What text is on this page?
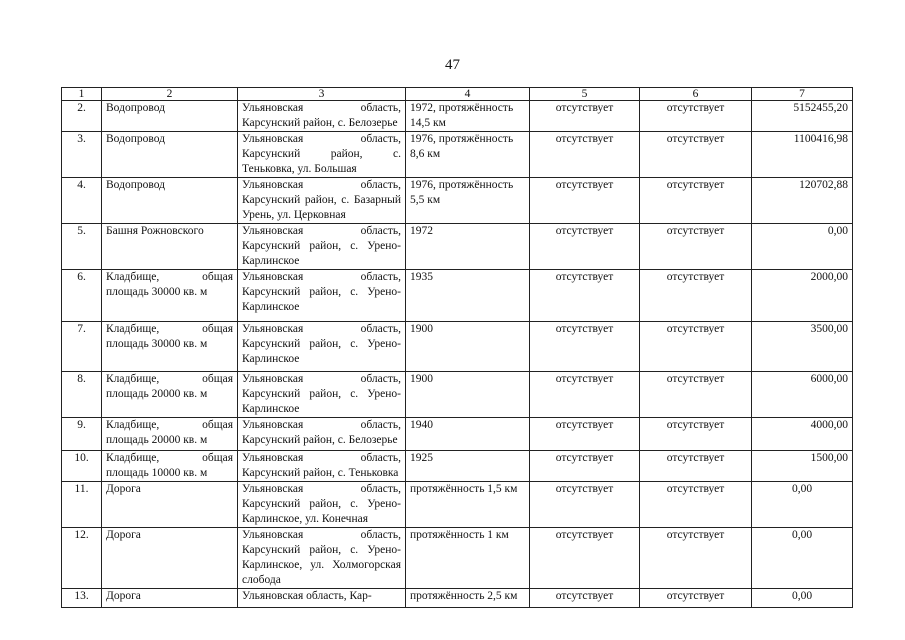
47
1	2	3	4	5	6	7
2.	Водопровод	Ульяновская область, Карсунский район, с. Белозерье	1972, протяжённость 14,5 км	отсутствует	отсутствует	5152455,20
3.	Водопровод	Ульяновская область, Карсунский район, с. Теньковка, ул. Большая	1976, протяжённость 8,6 км	отсутствует	отсутствует	1100416,98
4.	Водопровод	Ульяновская область, Карсунский район, с. Базарный Урень, ул. Церковная	1976, протяжённость 5,5 км	отсутствует	отсутствует	120702,88
5.	Башня Рожновского	Ульяновская область, Карсунский район, с. Урено-Карлинское	1972	отсутствует	отсутствует	0,00
6.	Кладбище, общая площадь 30000 кв. м	Ульяновская область, Карсунский район, с. Урено-Карлинское	1935	отсутствует	отсутствует	2000,00
7.	Кладбище, общая площадь 30000 кв. м	Ульяновская область, Карсунский район, с. Урено-Карлинское	1900	отсутствует	отсутствует	3500,00
8.	Кладбище, общая площадь 20000 кв. м	Ульяновская область, Карсунский район, с. Урено-Карлинское	1900	отсутствует	отсутствует	6000,00
9.	Кладбище, общая площадь 20000 кв. м	Ульяновская область, Карсунский район, с. Белозерье	1940	отсутствует	отсутствует	4000,00
10.	Кладбище, общая площадь 10000 кв. м	Ульяновская область, Карсунский район, с. Теньковка	1925	отсутствует	отсутствует	1500,00
11.	Дорога	Ульяновская область, Карсунский район, с. Урено-Карлинское, ул. Конечная	протяжённость 1,5 км	отсутствует	отсутствует	0,00
12.	Дорога	Ульяновская область, Карсунский район, с. Урено-Карлинское, ул. Холмогорская слобода	протяжённость 1 км	отсутствует	отсутствует	0,00
13.	Дорога	Ульяновская область, Кар-	протяжённость 2,5 км	отсутствует	отсутствует	0,00
